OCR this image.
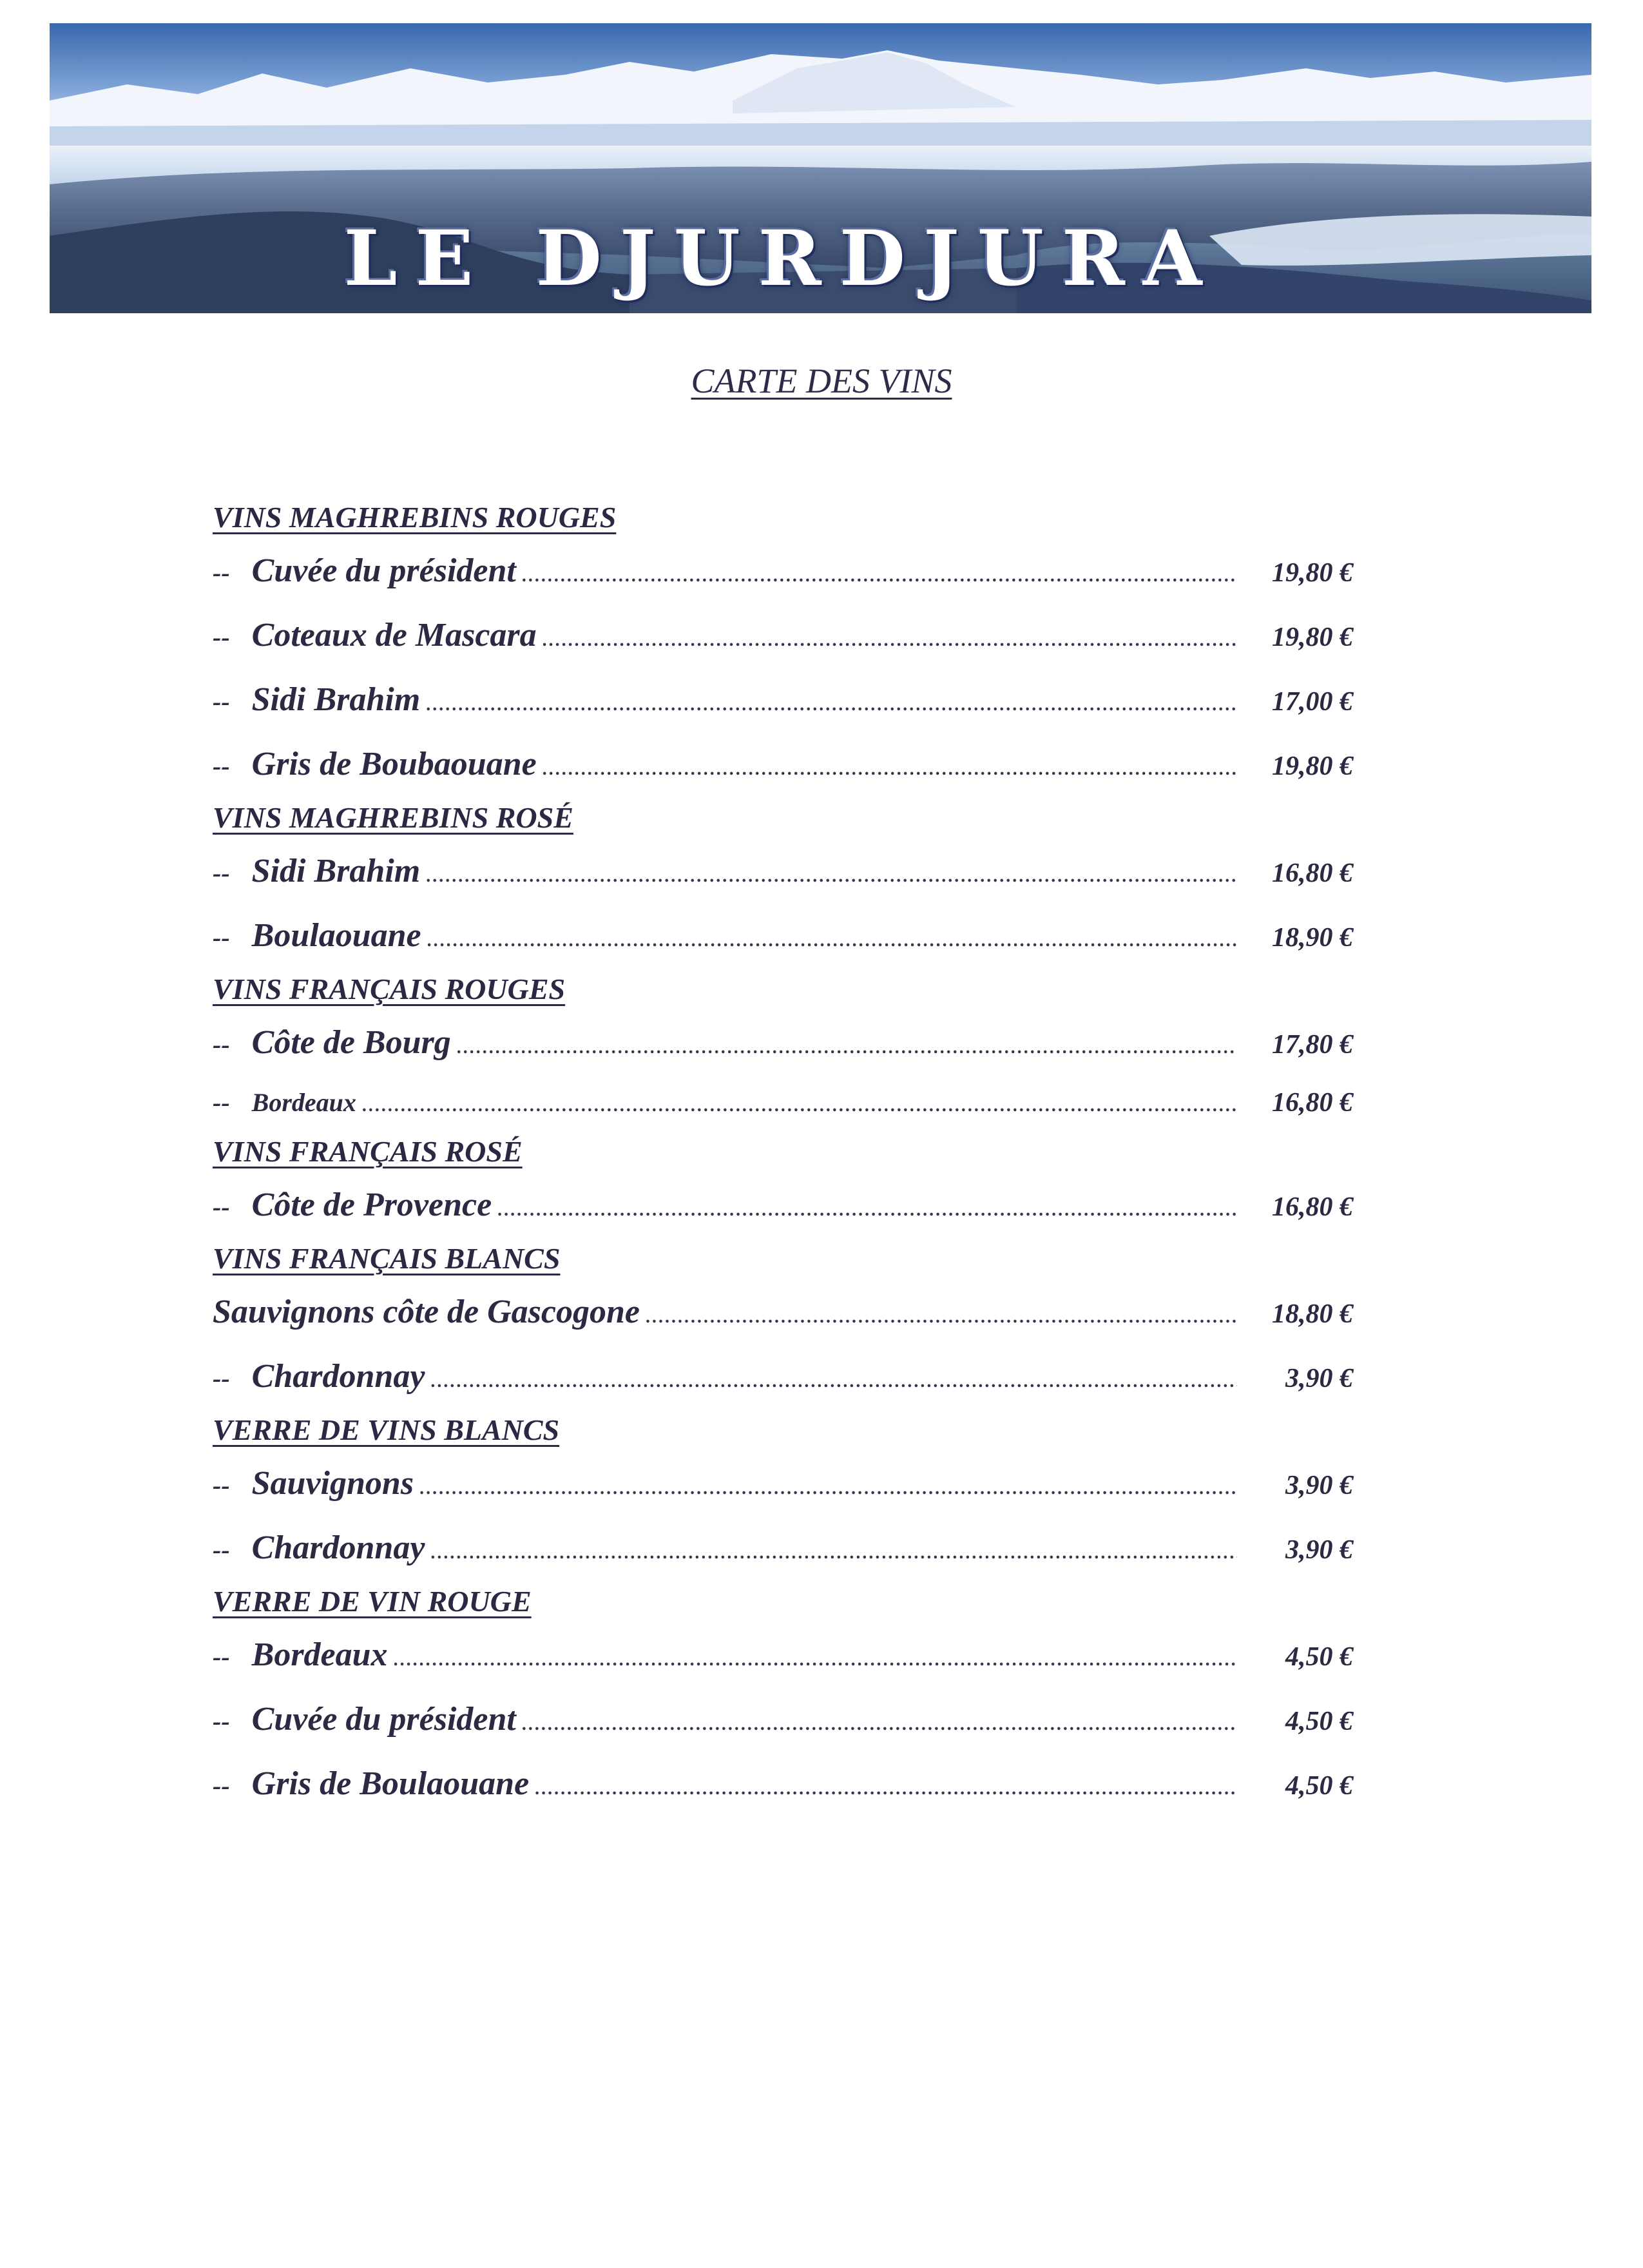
LE DJURDJURA
CARTE DES VINS
VINS MAGHREBINS ROUGES
-- Cuvée du président .....	19,80 €
-- Coteaux de Mascara .....	19,80 €
-- Sidi Brahim .....	17,00 €
-- Gris de Boubaouane .....	19,80 €
VINS MAGHREBINS ROSÉ
-- Sidi Brahim .....	16,80 €
-- Boulaouane .....	18,90 €
VINS FRANÇAIS ROUGES
-- Côte de Bourg .....	17,80 €
-- Bordeaux .....	16,80 €
VINS FRANÇAIS ROSÉ
-- Côte de Provence .....	16,80 €
VINS FRANÇAIS BLANCS
Sauvignons côte de Gascogone .....	18,80 €
-- Chardonnay .....	3,90 €
VERRE DE VINS BLANCS
-- Sauvignons .....	3,90 €
-- Chardonnay .....	3,90 €
VERRE DE VIN ROUGE
-- Bordeaux .....	4,50 €
-- Cuvée du président .....	4,50 €
-- Gris de Boulaouane .....	4,50 €
